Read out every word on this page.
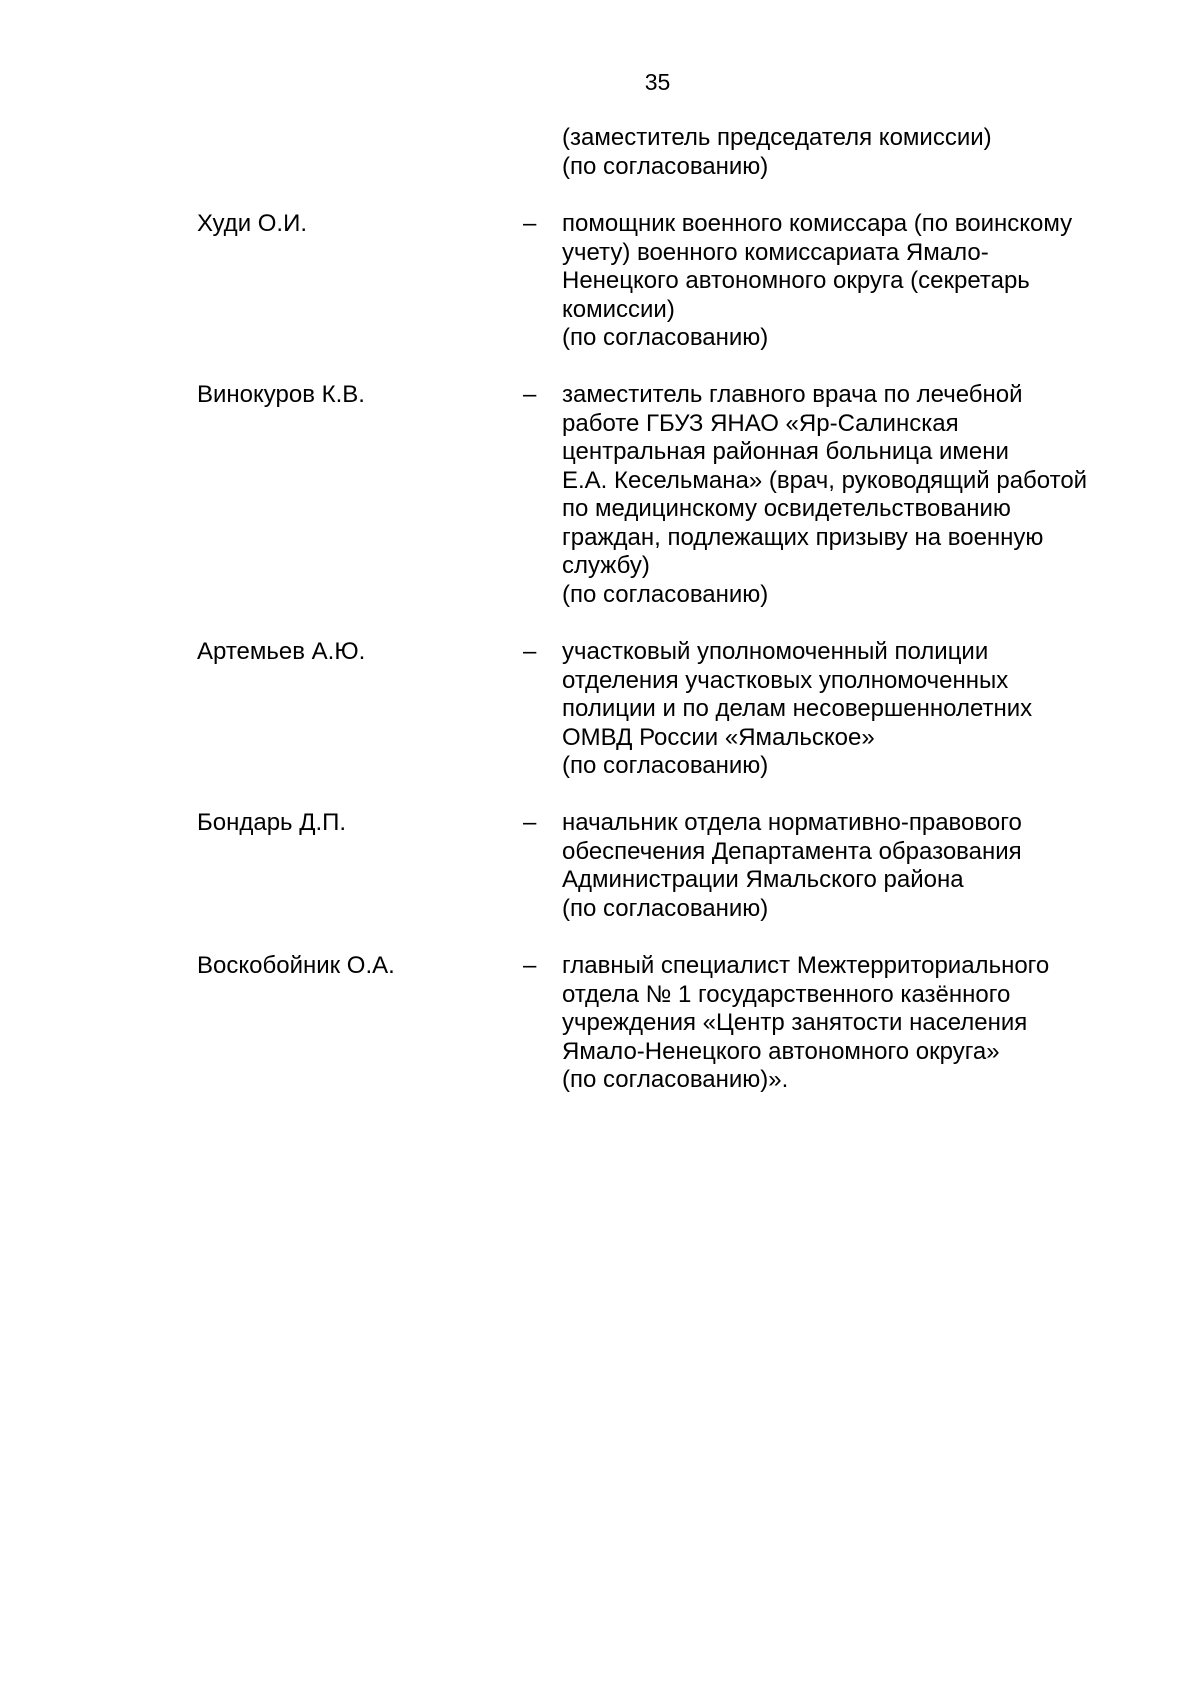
35
(заместитель председателя комиссии)
(по согласованию)
Худи О.И.	– помощник военного комиссара (по воинскому
учету) военного комиссариата Ямало-
Ненецкого автономного округа (секретарь
комиссии)
(по согласованию)
Винокуров К.В.	– заместитель главного врача по лечебной
работе ГБУЗ ЯНАО «Яр-Салинская
центральная районная больница имени
Е.А. Кесельмана» (врач, руководящий работой
по медицинскому освидетельствованию
граждан, подлежащих призыву на военную
службу)
(по согласованию)
Артемьев А.Ю.	– участковый уполномоченный полиции
отделения участковых уполномоченных
полиции и по делам несовершеннолетних
ОМВД России «Ямальское»
(по согласованию)
Бондарь Д.П.	– начальник отдела нормативно-правового
обеспечения Департамента образования
Администрации Ямальского района
(по согласованию)
Воскобойник О.А.	– главный специалист Межтерриториального
отдела № 1 государственного казённого
учреждения «Центр занятости населения
Ямало-Ненецкого автономного округа»
(по согласованию)».
